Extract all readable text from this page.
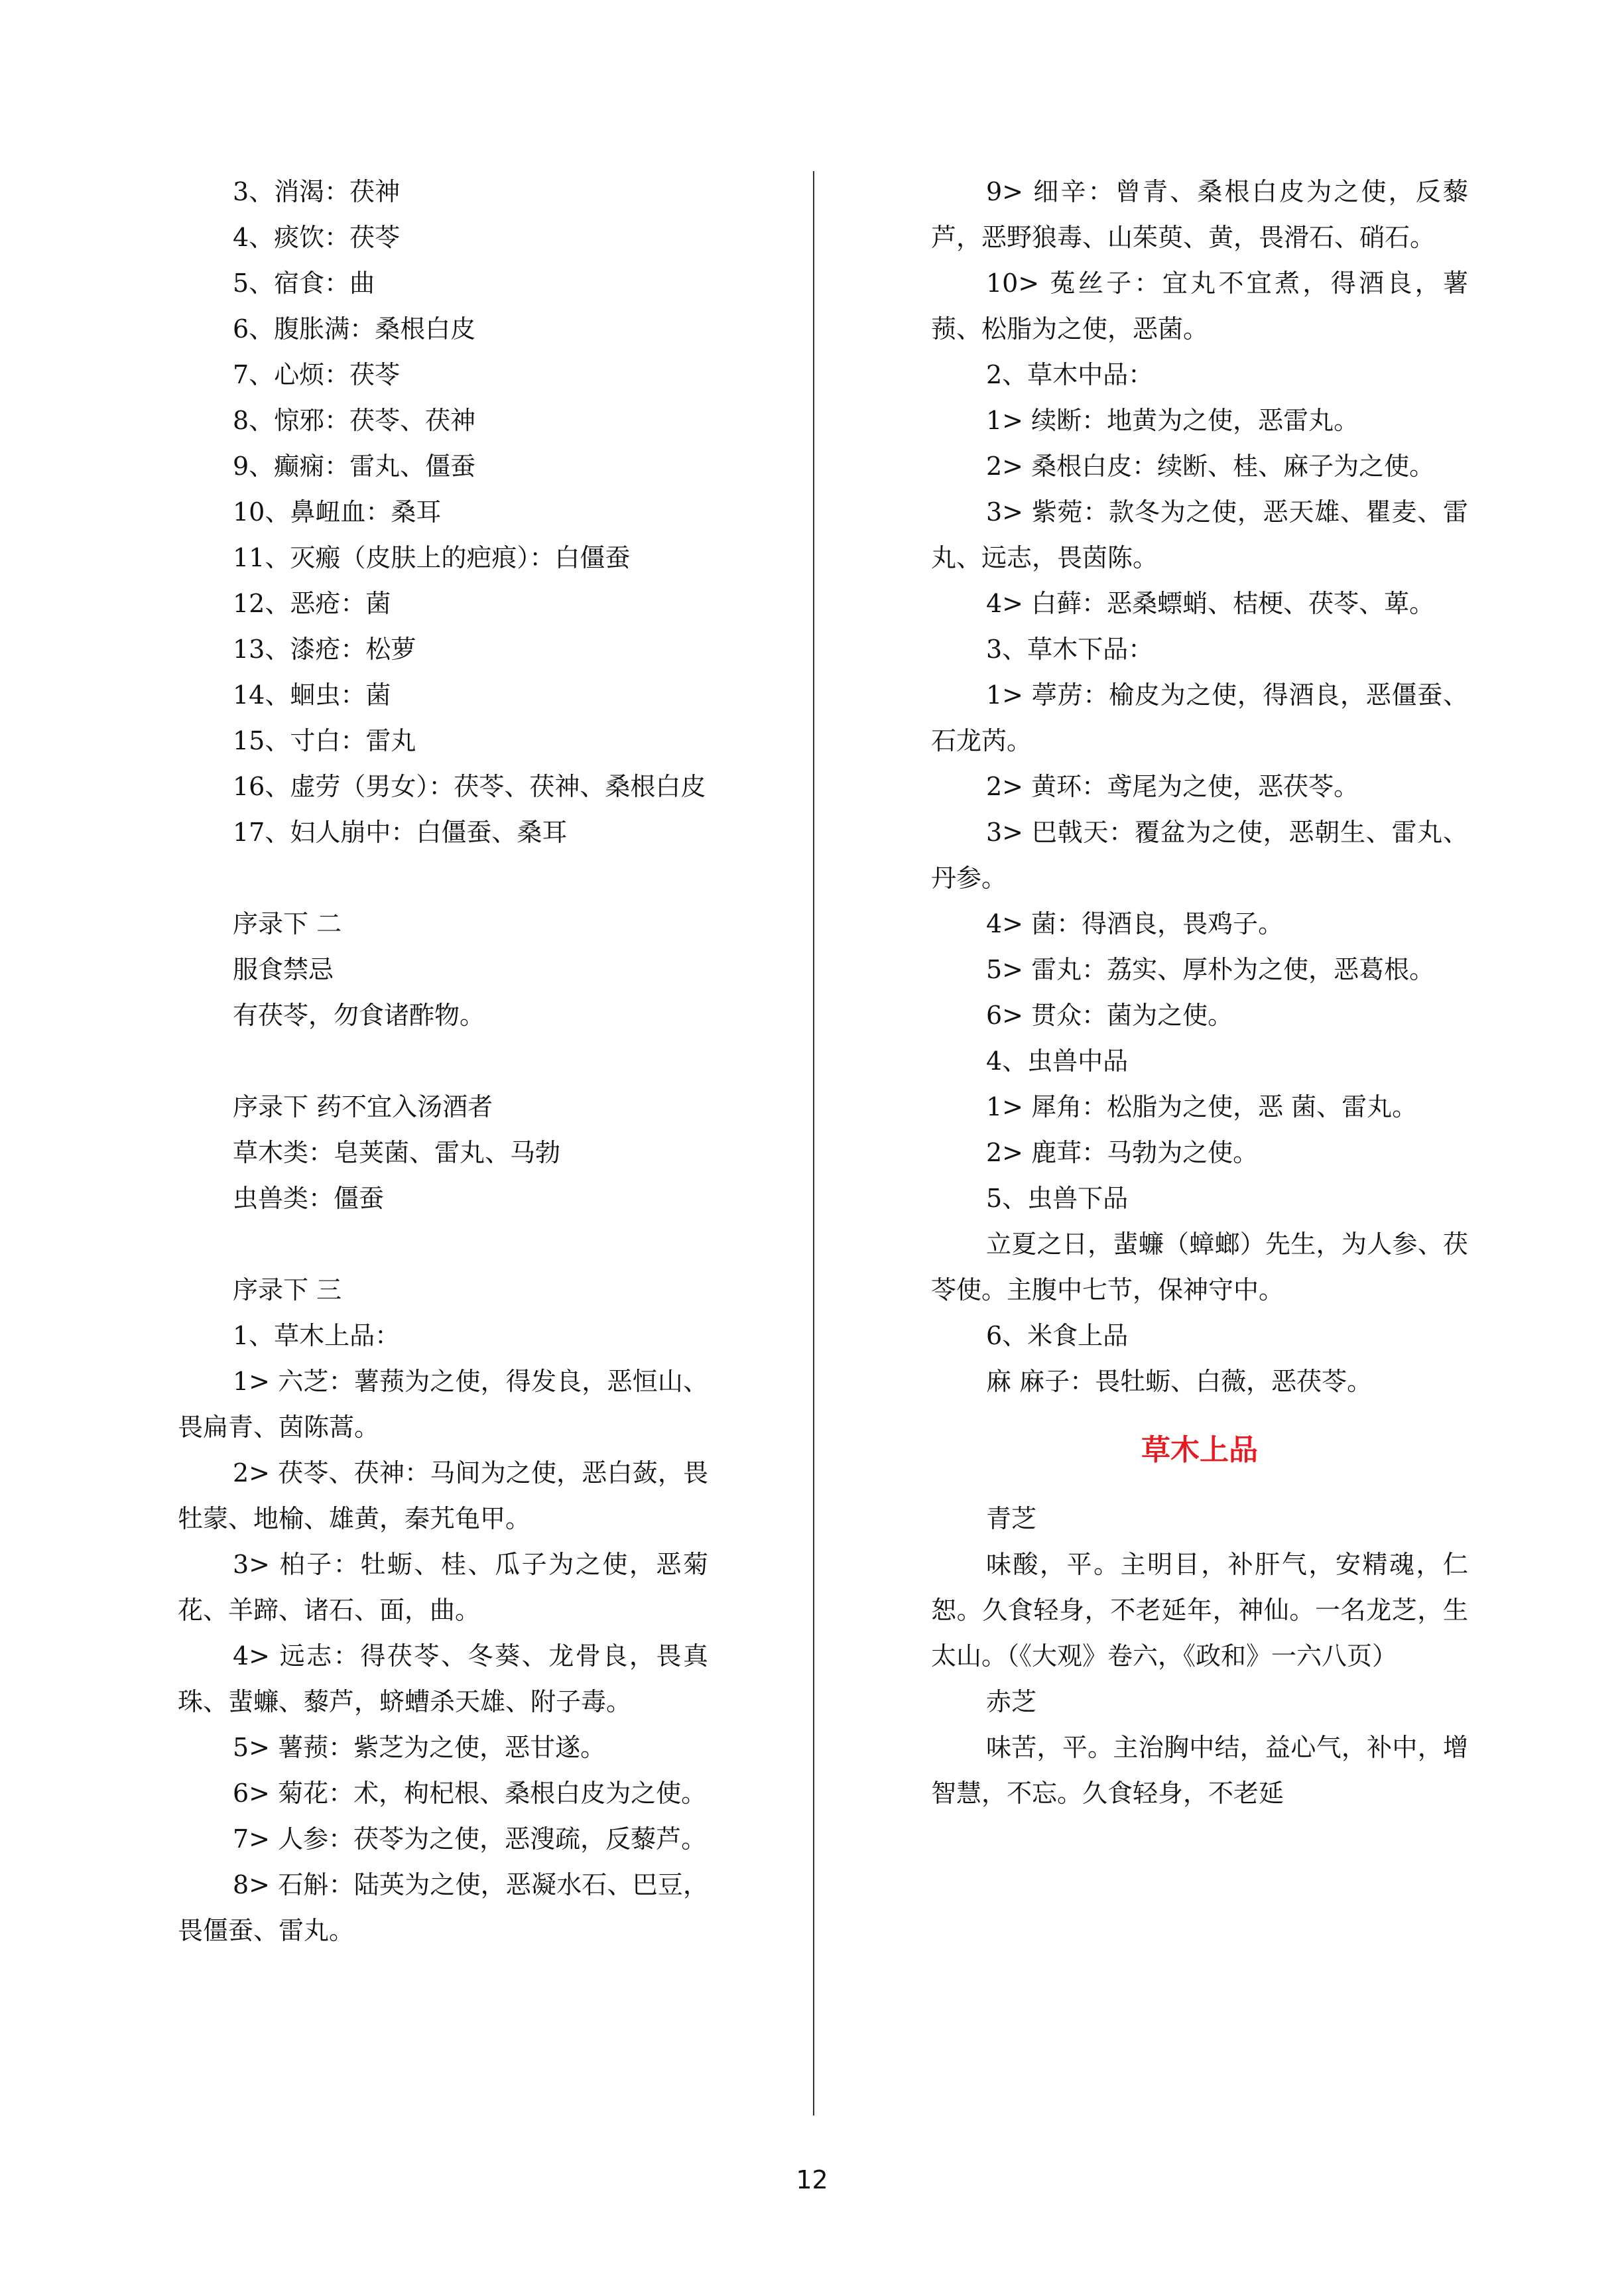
3、消渴：茯神
4、痰饮：茯苓
5、宿食：曲
6、腹胀满：桑根白皮
7、心烦：茯苓
8、惊邪：茯苓、茯神
9、癫痫：雷丸、僵蚕
10、鼻衄血：桑耳
11、灭瘢（皮肤上的疤痕）：白僵蚕
12、恶疮：菌
13、漆疮：松萝
14、蛔虫：菌
15、寸白：雷丸
16、虚劳（男女）：茯苓、茯神、桑根白皮
17、妇人崩中：白僵蚕、桑耳
序录下 二
服食禁忌
有茯苓，勿食诸酢物。
序录下 药不宜入汤酒者
草木类：皂荚菌、雷丸、马勃
虫兽类：僵蚕
序录下 三
1、草木上品：
1> 六芝：薯蓣为之使，得发良，恶恒山、畏扁青、茵陈蒿。
2> 茯苓、茯神：马间为之使，恶白蔹，畏牡蒙、地榆、雄黄，秦艽龟甲。
3> 柏子：牡蛎、桂、瓜子为之使，恶菊花、羊蹄、诸石、面，曲。
4> 远志：得茯苓、冬葵、龙骨良，畏真珠、蜚蠊、藜芦，蛴螬杀天雄、附子毒。
5> 薯蓣：紫芝为之使，恶甘遂。
6> 菊花：术，枸杞根、桑根白皮为之使。
7> 人参：茯苓为之使，恶溲疏，反藜芦。
8> 石斛：陆英为之使，恶凝水石、巴豆，畏僵蚕、雷丸。
9> 细辛：曾青、桑根白皮为之使，反藜芦，恶野狼毒、山茱萸、黄，畏滑石、硝石。
10> 菟丝子：宜丸不宜煮，得酒良，薯蓣、松脂为之使，恶菌。
2、草木中品：
1> 续断：地黄为之使，恶雷丸。
2> 桑根白皮：续断、桂、麻子为之使。
3> 紫菀：款冬为之使，恶天雄、瞿麦、雷丸、远志，畏茵陈。
4> 白藓：恶桑螵蛸、桔梗、茯苓、萆。
3、草木下品：
1> 葶苈：榆皮为之使，得酒良，恶僵蚕、石龙芮。
2> 黄环：鸢尾为之使，恶茯苓。
3> 巴戟天：覆盆为之使，恶朝生、雷丸、丹参。
4> 菌：得酒良，畏鸡子。
5> 雷丸：荔实、厚朴为之使，恶葛根。
6> 贯众：菌为之使。
4、虫兽中品
1> 犀角：松脂为之使，恶 菌、雷丸。
2> 鹿茸：马勃为之使。
5、虫兽下品
立夏之日，蜚蠊（蟑螂）先生，为人参、茯苓使。主腹中七节，保神守中。
6、米食上品
麻 麻子：畏牡蛎、白薇，恶茯苓。
草木上品
青芝
味酸，平。主明目，补肝气，安精魂，仁恕。久食轻身，不老延年，神仙。一名龙芝，生太山。（《大观》卷六，《政和》一六八页）
赤芝
味苦，平。主治胸中结，益心气，补中，增智慧，不忘。久食轻身，不老延
12
